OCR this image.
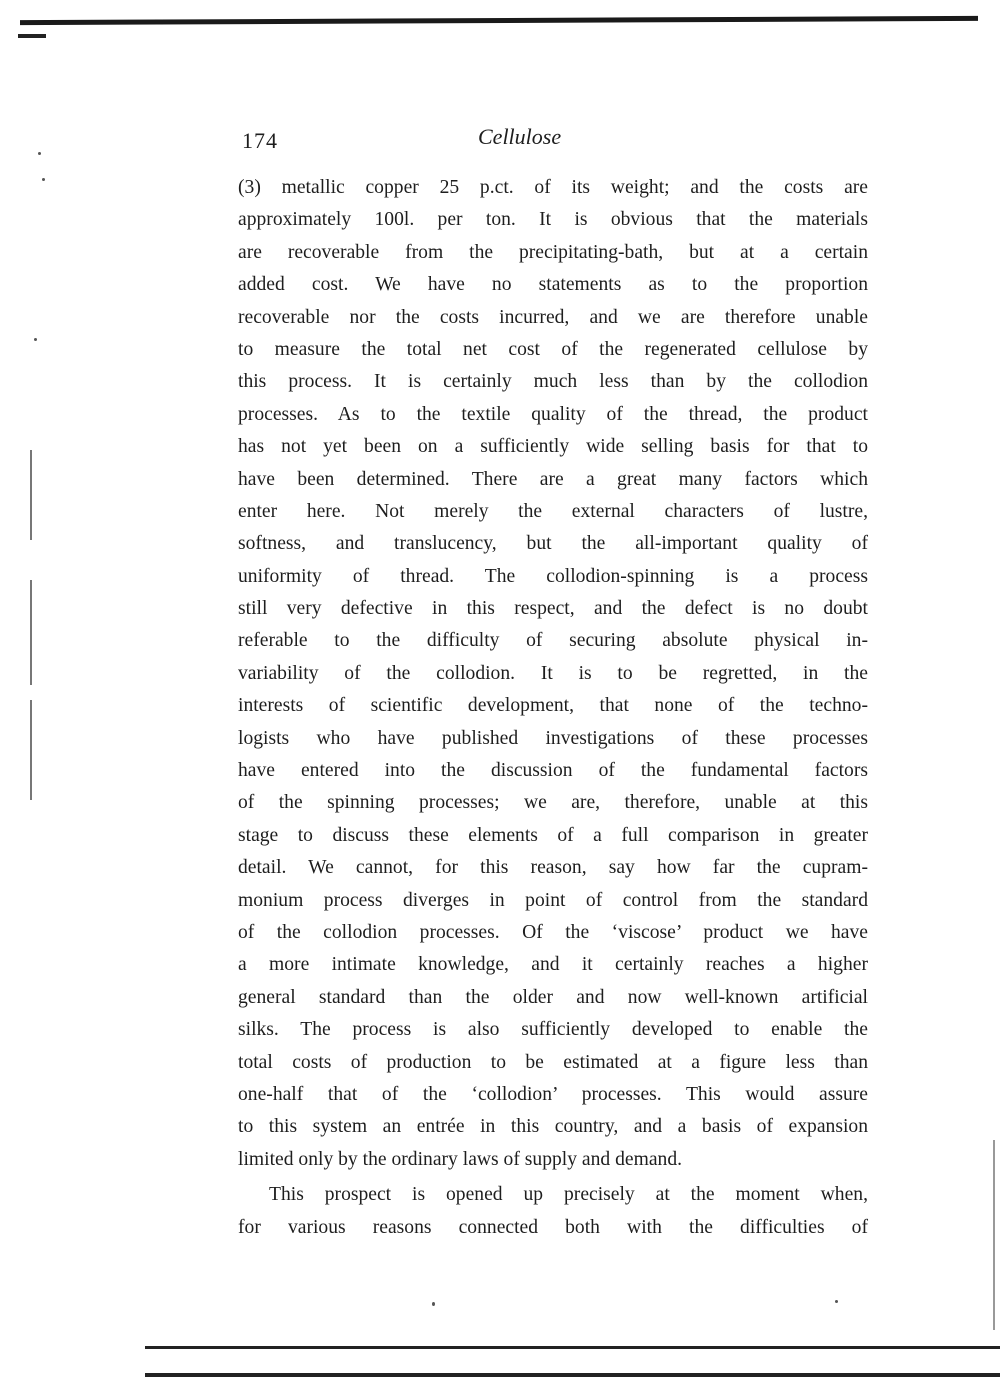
174	Cellulose
(3) metallic copper 25 p.ct. of its weight; and the costs are
approximately 100l. per ton. It is obvious that the materials
are recoverable from the precipitating-bath, but at a certain
added cost. We have no statements as to the proportion
recoverable nor the costs incurred, and we are therefore unable
to measure the total net cost of the regenerated cellulose by
this process. It is certainly much less than by the collodion
processes. As to the textile quality of the thread, the product
has not yet been on a sufficiently wide selling basis for that to
have been determined. There are a great many factors which
enter here. Not merely the external characters of lustre,
softness, and translucency, but the all-important quality of
uniformity of thread. The collodion-spinning is a process
still very defective in this respect, and the defect is no doubt
referable to the difficulty of securing absolute physical in-
variability of the collodion. It is to be regretted, in the
interests of scientific development, that none of the techno-
logists who have published investigations of these processes
have entered into the discussion of the fundamental factors
of the spinning processes; we are, therefore, unable at this
stage to discuss these elements of a full comparison in greater
detail. We cannot, for this reason, say how far the cupram-
monium process diverges in point of control from the standard
of the collodion processes. Of the ‘viscose’ product we have
a more intimate knowledge, and it certainly reaches a higher
general standard than the older and now well-known artificial
silks. The process is also sufficiently developed to enable the
total costs of production to be estimated at a figure less than
one-half that of the ‘collodion’ processes. This would assure
to this system an entrée in this country, and a basis of expansion
limited only by the ordinary laws of supply and demand.
This prospect is opened up precisely at the moment when,
for various reasons connected both with the difficulties of
